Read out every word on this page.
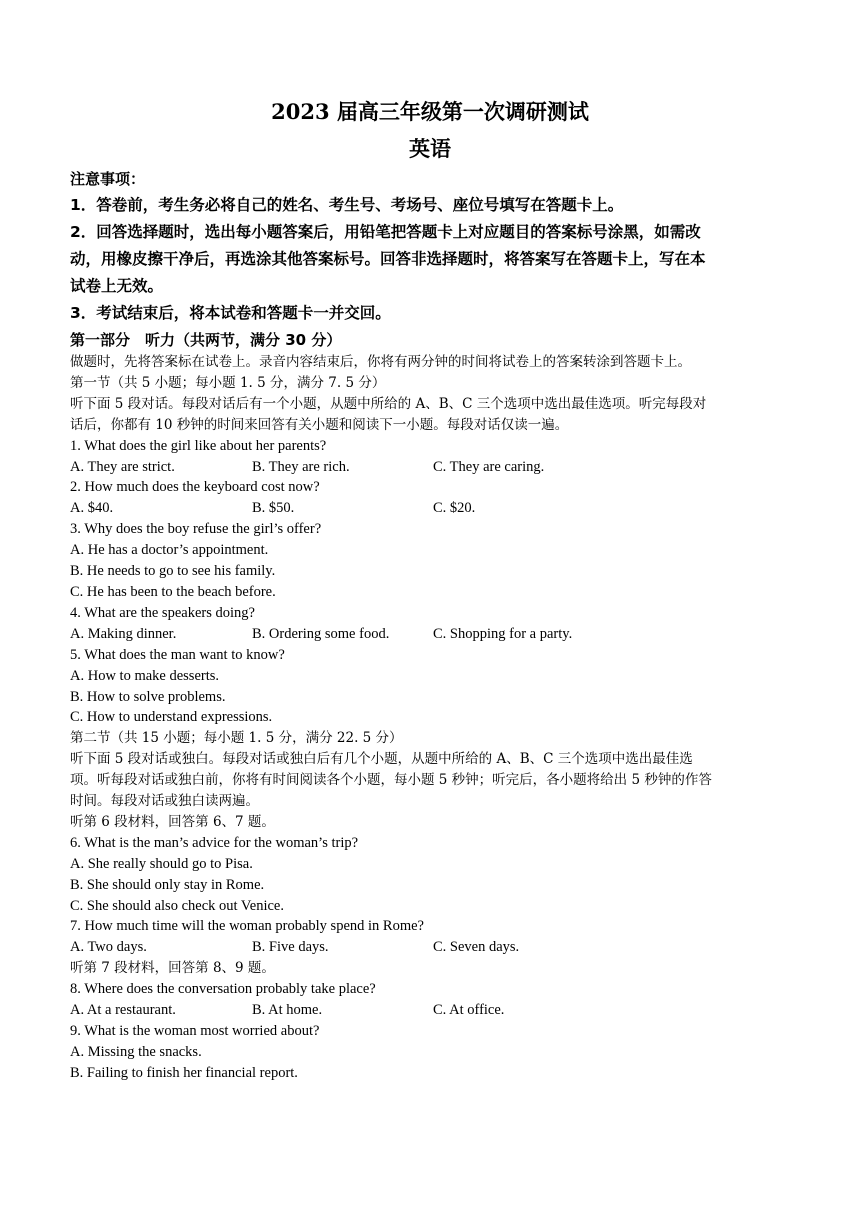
2023 届高三年级第一次调研测试
英语

注意事项：

1．答卷前，考生务必将自己的姓名、考生号、考场号、座位号填写在答题卡上。

2．回答选择题时，选出每小题答案后，用铅笔把答题卡上对应题目的答案标号涂黑，如需改

动，用橡皮擦干净后，再选涂其他答案标号。回答非选择题时，将答案写在答题卡上，写在本

试卷上无效。

3．考试结束后，将本试卷和答题卡一并交回。

第一部分　听力（共两节，满分 30 分）

做题时，先将答案标在试卷上。录音内容结束后，你将有两分钟的时间将试卷上的答案转涂到答题卡上。

第一节（共 5 小题；每小题 1. 5 分，满分 7. 5 分）

听下面 5 段对话。每段对话后有一个小题，从题中所给的 A、B、C 三个选项中选出最佳选项。听完每段对

话后，你都有 10 秒钟的时间来回答有关小题和阅读下一小题。每段对话仅读一遍。

1. What does the girl like about her parents?

A. They are strict.	B. They are rich.	C. They are caring.

2. How much does the keyboard cost now?

A. $40.	B. $50.	C. $20.

3. Why does the boy refuse the girl’s offer?

A. He has a doctor’s appointment.

B. He needs to go to see his family.

C. He has been to the beach before.

4. What are the speakers doing?

A. Making dinner.	B. Ordering some food.	C. Shopping for a party.

5. What does the man want to know?

A. How to make desserts.

B. How to solve problems.

C. How to understand expressions.

第二节（共 15 小题；每小题 1. 5 分，满分 22. 5 分）

听下面 5 段对话或独白。每段对话或独白后有几个小题，从题中所给的 A、B、C 三个选项中选出最佳选

项。听每段对话或独白前，你将有时间阅读各个小题，每小题 5 秒钟；听完后，各小题将给出 5 秒钟的作答

时间。每段对话或独白读两遍。

听第 6 段材料，回答第 6、7 题。

6. What is the man’s advice for the woman’s trip?

A. She really should go to Pisa.

B. She should only stay in Rome.

C. She should also check out Venice.

7. How much time will the woman probably spend in Rome?

A. Two days.	B. Five days.	C. Seven days.

听第 7 段材料，回答第 8、9 题。

8. Where does the conversation probably take place?

A. At a restaurant.	B. At home.	C. At office.

9. What is the woman most worried about?

A. Missing the snacks.

B. Failing to finish her financial report.
